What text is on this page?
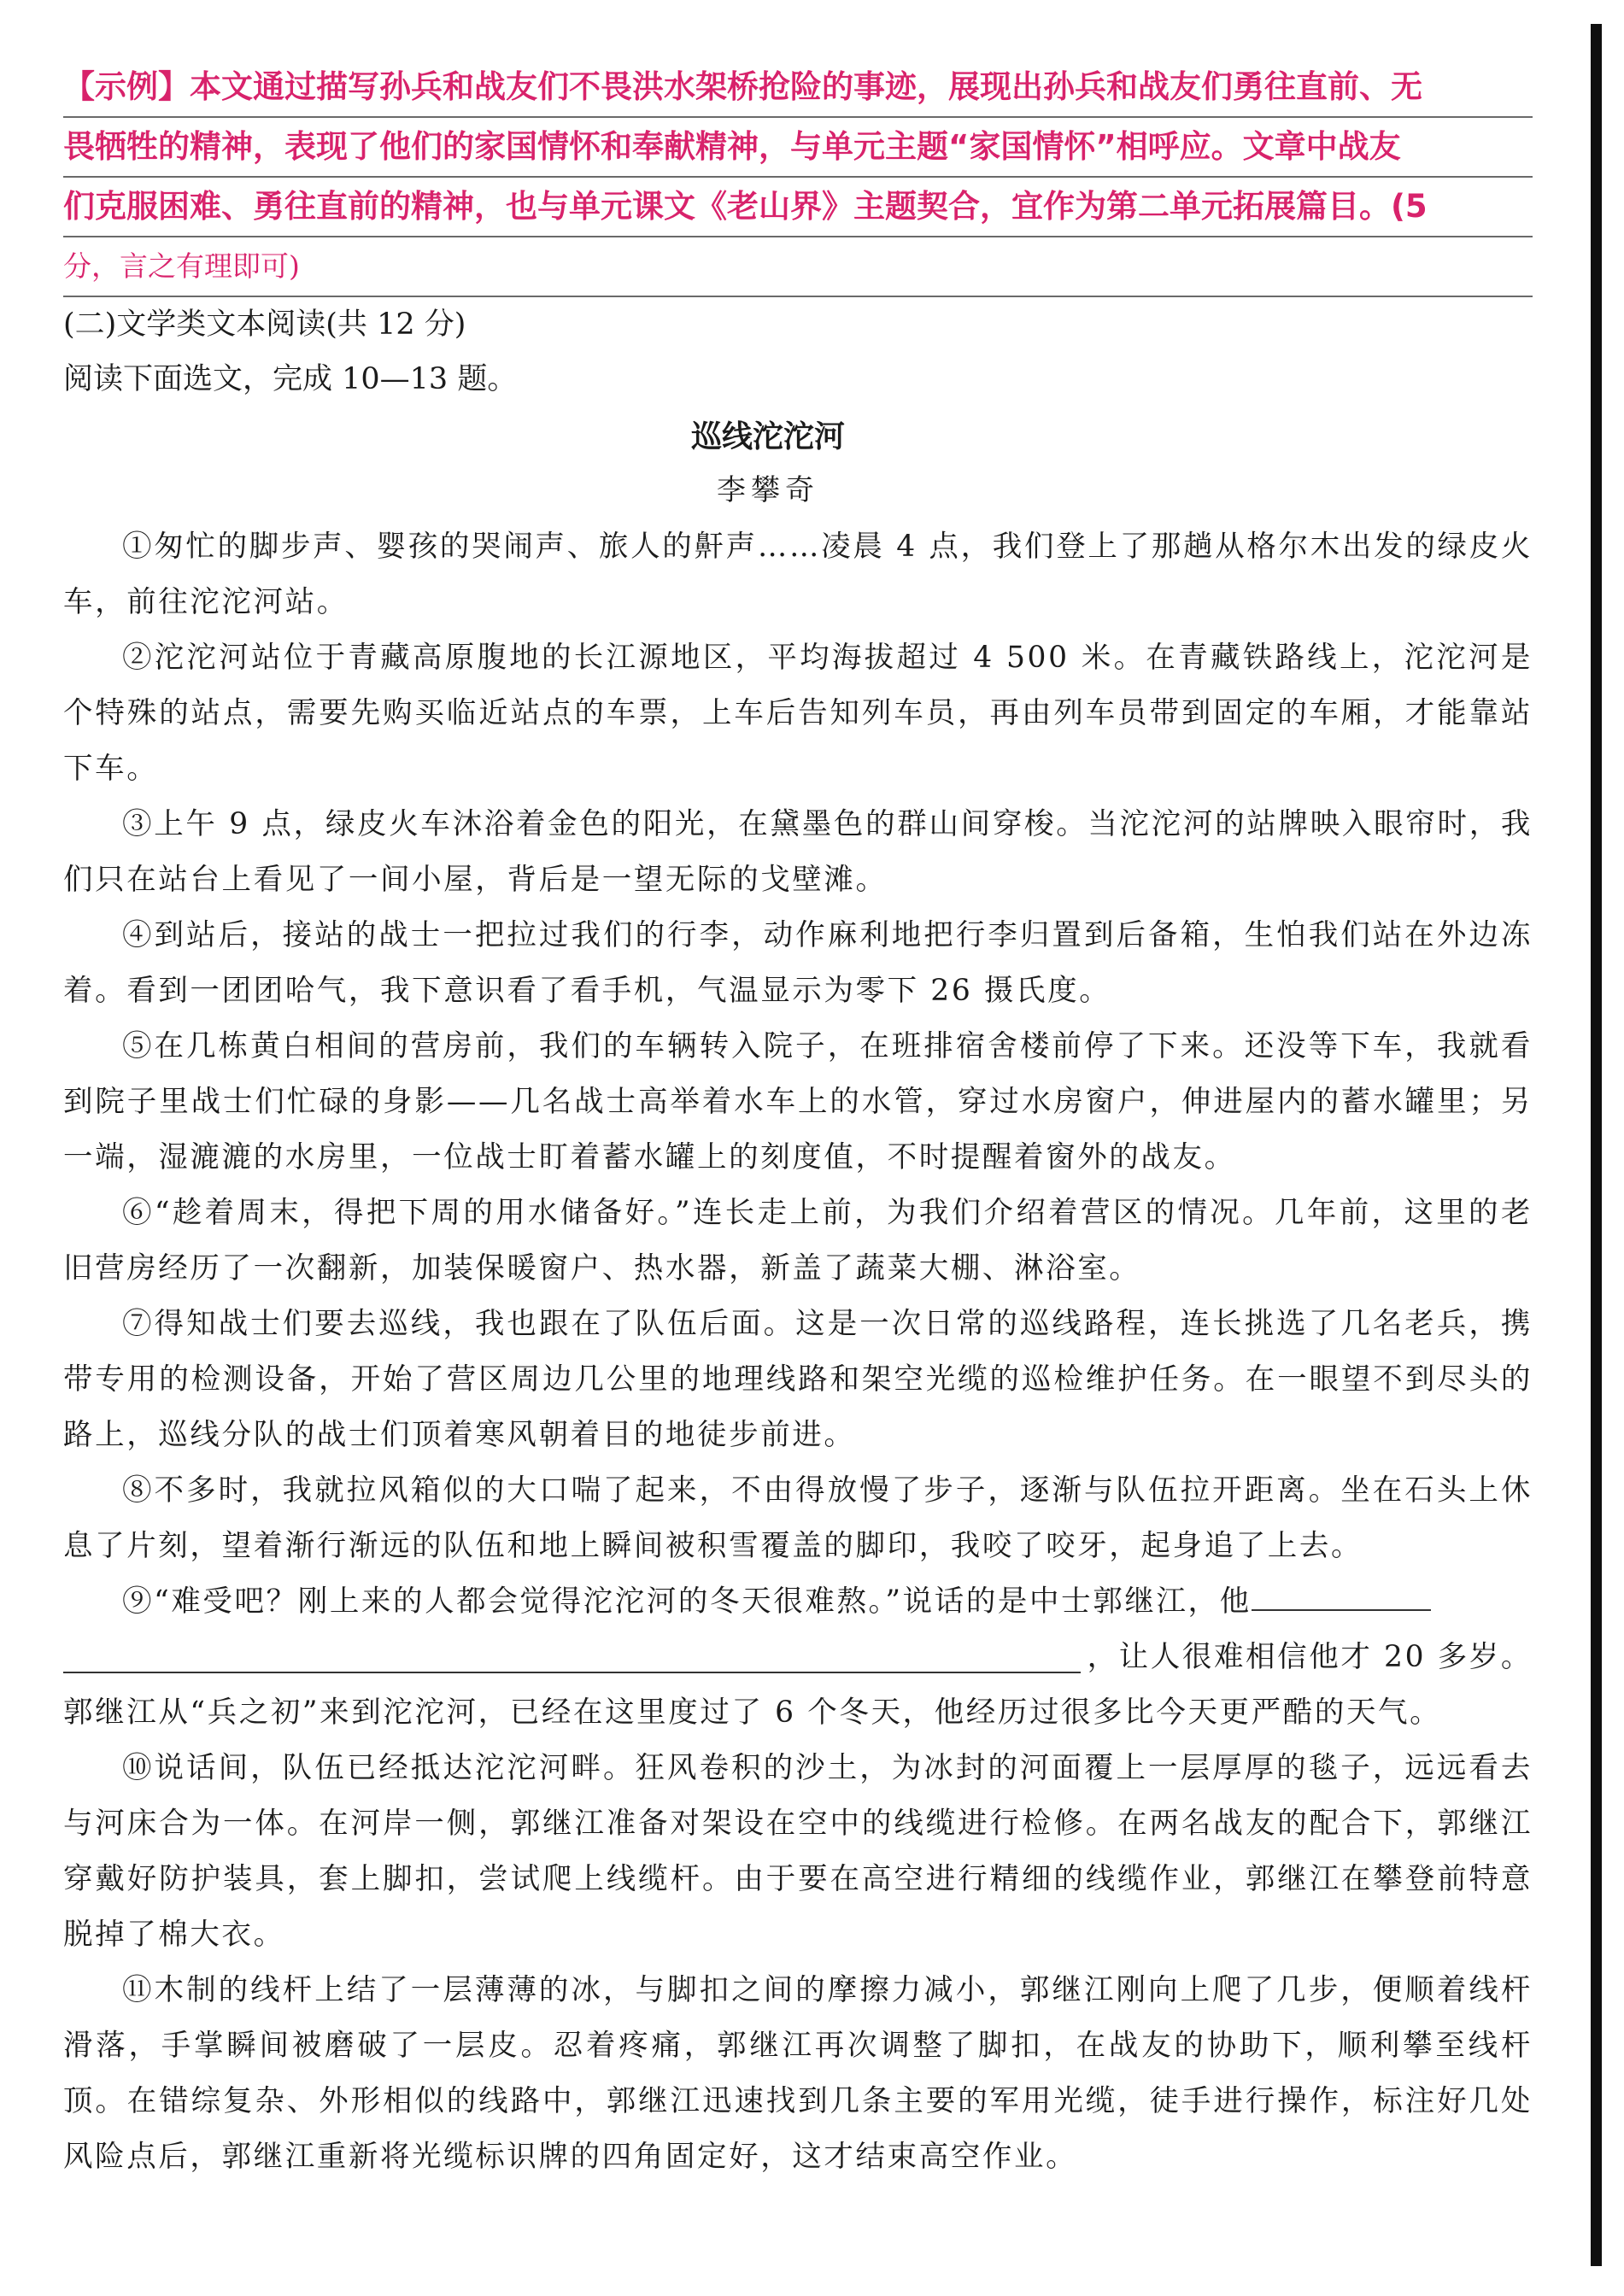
【示例】本文通过描写孙兵和战友们不畏洪水架桥抢险的事迹，展现出孙兵和战友们勇往直前、无
畏牺牲的精神，表现了他们的家国情怀和奉献精神，与单元主题“家国情怀”相呼应。文章中战友
们克服困难、勇往直前的精神，也与单元课文《老山界》主题契合，宜作为第二单元拓展篇目。(5
分，言之有理即可)
(二)文学类文本阅读(共 12 分)
阅读下面选文，完成 10—13 题。
巡线沱沱河
李攀奇

①匆忙的脚步声、婴孩的哭闹声、旅人的鼾声……凌晨 4 点，我们登上了那趟从格尔木出发的绿皮火车，前往沱沱河站。

②沱沱河站位于青藏高原腹地的长江源地区，平均海拔超过 4 500 米。在青藏铁路线上，沱沱河是个特殊的站点，需要先购买临近站点的车票，上车后告知列车员，再由列车员带到固定的车厢，才能靠站下车。

③上午 9 点，绿皮火车沐浴着金色的阳光，在黛墨色的群山间穿梭。当沱沱河的站牌映入眼帘时，我们只在站台上看见了一间小屋，背后是一望无际的戈壁滩。

④到站后，接站的战士一把拉过我们的行李，动作麻利地把行李归置到后备箱，生怕我们站在外边冻着。看到一团团哈气，我下意识看了看手机，气温显示为零下 26 摄氏度。

⑤在几栋黄白相间的营房前，我们的车辆转入院子，在班排宿舍楼前停了下来。还没等下车，我就看到院子里战士们忙碌的身影——几名战士高举着水车上的水管，穿过水房窗户，伸进屋内的蓄水罐里；另一端，湿漉漉的水房里，一位战士盯着蓄水罐上的刻度值，不时提醒着窗外的战友。

⑥“趁着周末，得把下周的用水储备好。”连长走上前，为我们介绍着营区的情况。几年前，这里的老旧营房经历了一次翻新，加装保暖窗户、热水器，新盖了蔬菜大棚、淋浴室。

⑦得知战士们要去巡线，我也跟在了队伍后面。这是一次日常的巡线路程，连长挑选了几名老兵，携带专用的检测设备，开始了营区周边几公里的地理线路和架空光缆的巡检维护任务。在一眼望不到尽头的路上，巡线分队的战士们顶着寒风朝着目的地徒步前进。

⑧不多时，我就拉风箱似的大口喘了起来，不由得放慢了步子，逐渐与队伍拉开距离。坐在石头上休息了片刻，望着渐行渐远的队伍和地上瞬间被积雪覆盖的脚印，我咬了咬牙，起身追了上去。

⑨“难受吧？刚上来的人都会觉得沱沱河的冬天很难熬。”说话的是中士郭继江，他

，让人很难相信他才 20 多岁。

郭继江从“兵之初”来到沱沱河，已经在这里度过了 6 个冬天，他经历过很多比今天更严酷的天气。

⑩说话间，队伍已经抵达沱沱河畔。狂风卷积的沙土，为冰封的河面覆上一层厚厚的毯子，远远看去与河床合为一体。在河岸一侧，郭继江准备对架设在空中的线缆进行检修。在两名战友的配合下，郭继江穿戴好防护装具，套上脚扣，尝试爬上线缆杆。由于要在高空进行精细的线缆作业，郭继江在攀登前特意脱掉了棉大衣。

⑪木制的线杆上结了一层薄薄的冰，与脚扣之间的摩擦力减小，郭继江刚向上爬了几步，便顺着线杆滑落，手掌瞬间被磨破了一层皮。忍着疼痛，郭继江再次调整了脚扣，在战友的协助下，顺利攀至线杆顶。在错综复杂、外形相似的线路中，郭继江迅速找到几条主要的军用光缆，徒手进行操作，标注好几处风险点后，郭继江重新将光缆标识牌的四角固定好，这才结束高空作业。
